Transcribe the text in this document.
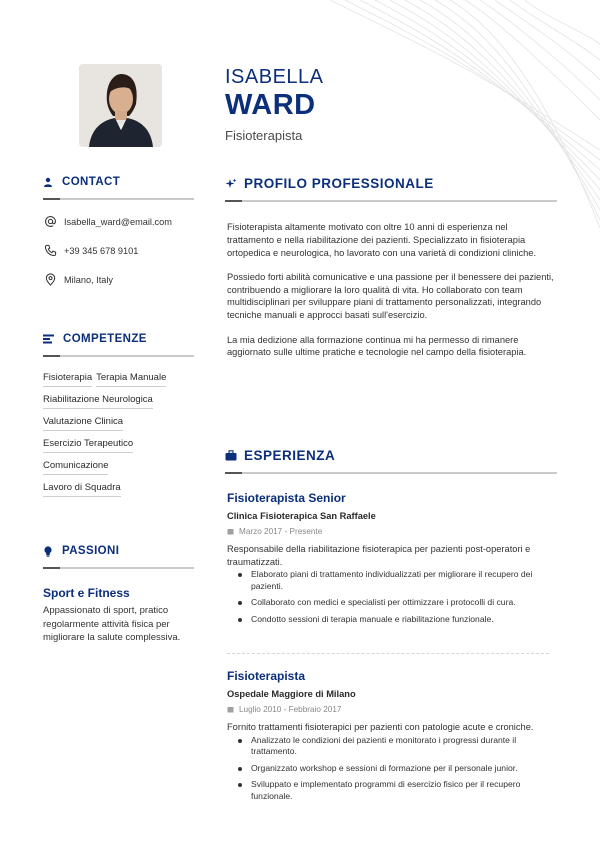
ISABELLA
WARD
Fisioterapista
CONTACT
Isabella_ward@email.com
+39 345 678 9101
Milano, Italy
COMPETENZE
Fisioterapia Terapia Manuale
Riabilitazione Neurologica
Valutazione Clinica
Esercizio Terapeutico
Comunicazione
Lavoro di Squadra
PASSIONI
Sport e Fitness
Appassionato di sport, pratico regolarmente attività fisica per migliorare la salute complessiva.
PROFILO PROFESSIONALE

Fisioterapista altamente motivato con oltre 10 anni di esperienza nel trattamento e nella riabilitazione dei pazienti. Specializzato in fisioterapia ortopedica e neurologica, ho lavorato con una varietà di condizioni cliniche.

Possiedo forti abilità comunicative e una passione per il benessere dei pazienti, contribuendo a migliorare la loro qualità di vita. Ho collaborato con team multidisciplinari per sviluppare piani di trattamento personalizzati, integrando tecniche manuali e approcci basati sull'esercizio.

La mia dedizione alla formazione continua mi ha permesso di rimanere aggiornato sulle ultime pratiche e tecnologie nel campo della fisioterapia.

ESPERIENZA
Fisioterapista Senior
Clinica Fisioterapica San Raffaele
Marzo 2017 - Presente
Responsabile della riabilitazione fisioterapica per pazienti post-operatori e traumatizzati.
Elaborato piani di trattamento individualizzati per migliorare il recupero dei pazienti.
Collaborato con medici e specialisti per ottimizzare i protocolli di cura.
Condotto sessioni di terapia manuale e riabilitazione funzionale.
Fisioterapista
Ospedale Maggiore di Milano
Luglio 2010 - Febbraio 2017
Fornito trattamenti fisioterapici per pazienti con patologie acute e croniche.
Analizzato le condizioni dei pazienti e monitorato i progressi durante il trattamento.
Organizzato workshop e sessioni di formazione per il personale junior.
Sviluppato e implementato programmi di esercizio fisico per il recupero funzionale.
